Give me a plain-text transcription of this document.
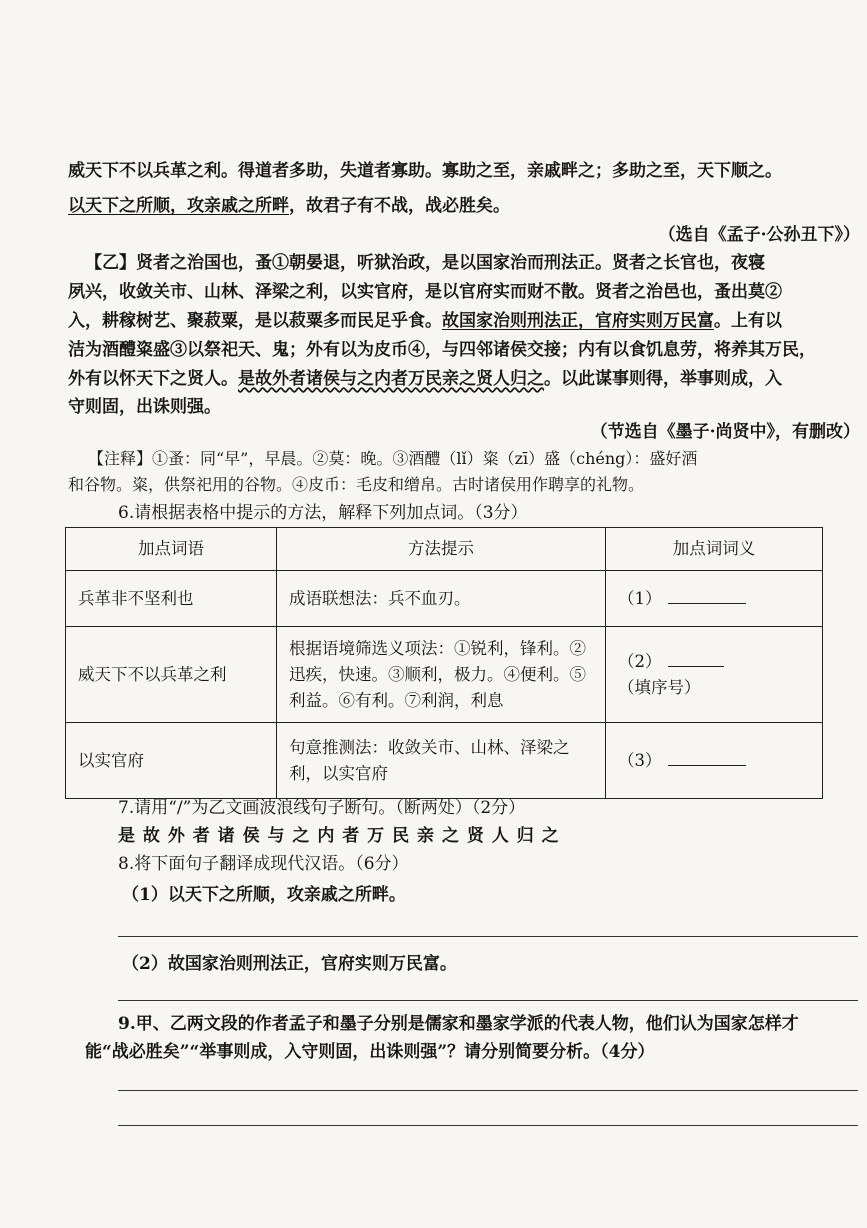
威天下不以兵革之利。得道者多助，失道者寡助。寡助之至，亲戚畔之；多助之至，天下顺之。
以天下之所顺，攻亲戚之所畔，故君子有不战，战必胜矣。
（选自《孟子·公孙丑下》）
【乙】贤者之治国也，蚤①朝晏退，听狱治政，是以国家治而刑法正。贤者之长官也，夜寝
夙兴，收敛关市、山林、泽梁之利，以实官府，是以官府实而财不散。贤者之治邑也，蚤出莫②
入，耕稼树艺、聚菽粟，是以菽粟多而民足乎食。故国家治则刑法正，官府实则万民富。上有以
洁为酒醴粢盛③以祭祀天、鬼；外有以为皮币④，与四邻诸侯交接；内有以食饥息劳，将养其万民，
外有以怀天下之贤人。是故外者诸侯与之内者万民亲之贤人归之。以此谋事则得，举事则成，入
守则固，出诛则强。
（节选自《墨子·尚贤中》，有删改）
【注释】①蚤：同“早”，早晨。②莫：晚。③酒醴（lǐ）粢（zī）盛（chéng）：盛好酒
和谷物。粢，供祭祀用的谷物。④皮币：毛皮和缯帛。古时诸侯用作聘享的礼物。
6.请根据表格中提示的方法，解释下列加点词。（3分）
加点词语	方法提示	加点词词义
兵革非不坚利也	成语联想法：兵不血刃。	（1）
威天下不以兵革之利	根据语境筛选义项法：①锐利，锋利。②迅疾，快速。③顺利，极力。④便利。⑤利益。⑥有利。⑦利润，利息	（2） （填序号）
以实官府	句意推测法：收敛关市、山林、泽梁之利，以实官府	（3）
7.请用“/”为乙文画波浪线句子断句。（断两处）（2分）
是 故 外 者 诸 侯 与 之 内 者 万 民 亲 之 贤 人 归 之
8.将下面句子翻译成现代汉语。（6分）
（1）以天下之所顺，攻亲戚之所畔。
（2）故国家治则刑法正，官府实则万民富。
9.甲、乙两文段的作者孟子和墨子分别是儒家和墨家学派的代表人物，他们认为国家怎样才
能“战必胜矣”“举事则成，入守则固，出诛则强”？请分别简要分析。（4分）
